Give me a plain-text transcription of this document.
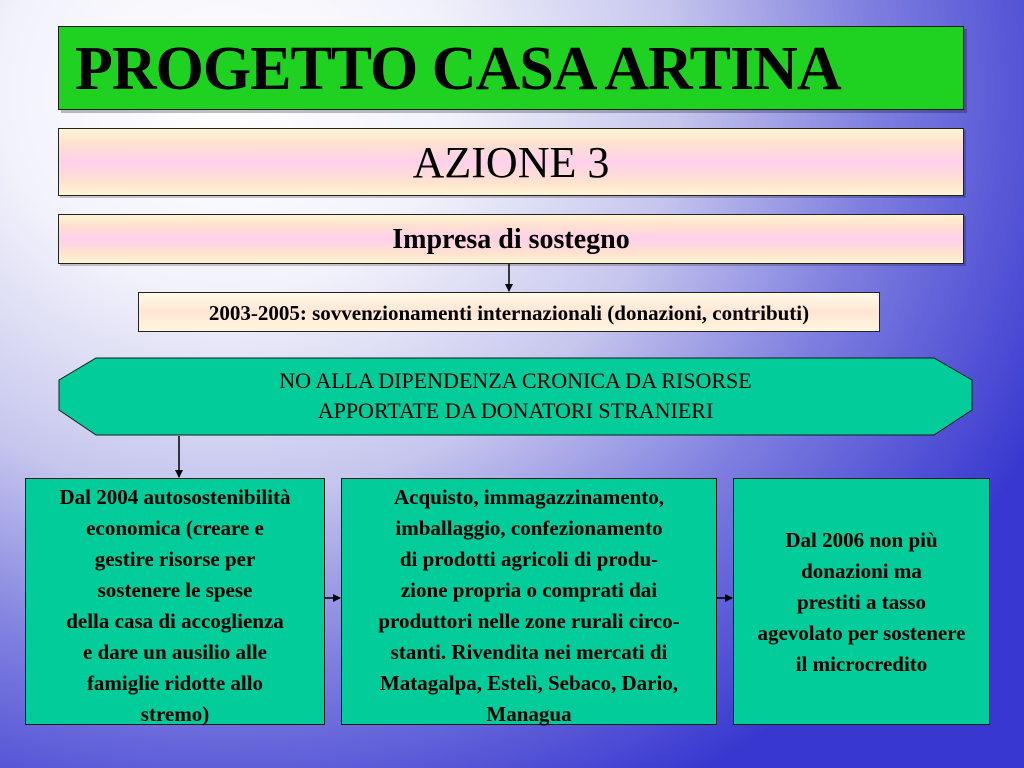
PROGETTO CASA ARTINA
AZIONE 3
Impresa di sostegno
2003-2005: sovvenzionamenti internazionali (donazioni, contributi)
NO ALLA DIPENDENZA CRONICA DA RISORSE
APPORTATE DA DONATORI STRANIERI
Dal 2004 autosostenibilità
economica (creare e
gestire risorse per
sostenere le spese
della casa di accoglienza
e dare un ausilio alle
famiglie ridotte allo
stremo)
Acquisto, immagazzinamento,
imballaggio, confezionamento
di prodotti agricoli di produ-
zione propria o comprati dai
produttori nelle zone rurali circo-
stanti. Rivendita nei mercati di
Matagalpa, Estelì, Sebaco, Dario,
Managua
Dal 2006 non più
donazioni ma
prestiti a tasso
agevolato per sostenere
il microcredito
